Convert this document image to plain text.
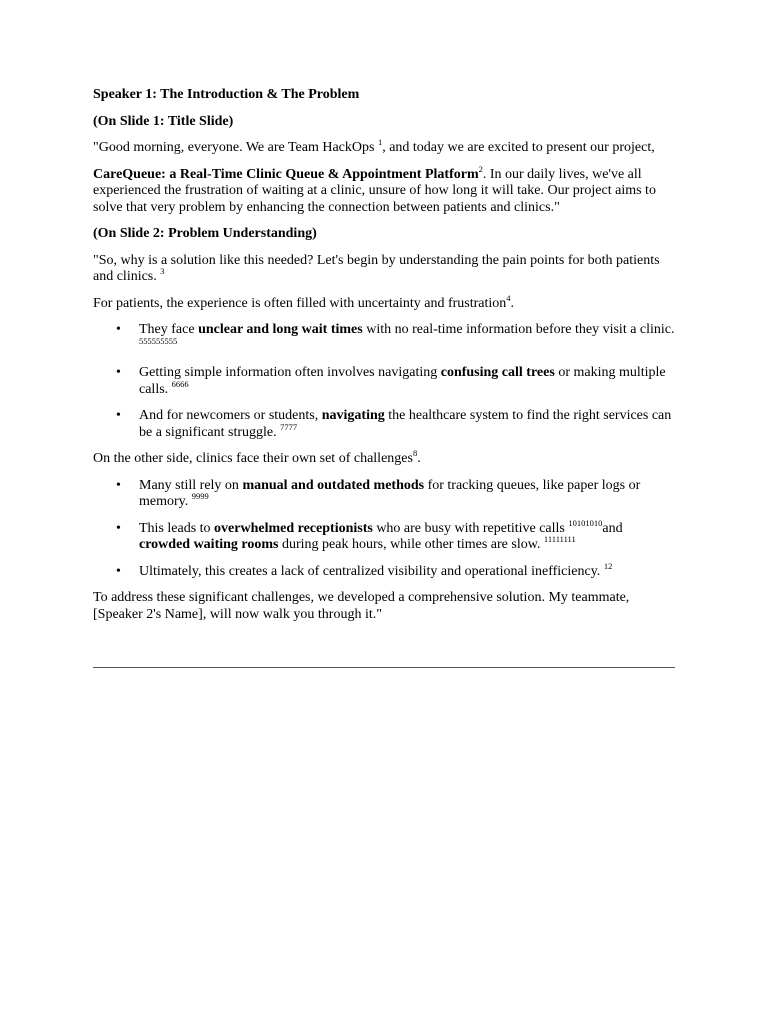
Speaker 1: The Introduction & The Problem

(On Slide 1: Title Slide)

"Good morning, everyone. We are Team HackOps $^1$, and today we are excited to present our project,

CareQueue: a Real-Time Clinic Queue & Appointment Platform$^2$. In our daily lives, we've all experienced the frustration of waiting at a clinic, unsure of how long it will take. Our project aims to solve that very problem by enhancing the connection between patients and clinics."

(On Slide 2: Problem Understanding)

"So, why is a solution like this needed? Let's begin by understanding the pain points for both patients and clinics. $^3$

For patients, the experience is often filled with uncertainty and frustration$^4$.

• They face unclear and long wait times with no real-time information before they visit a clinic. $^{555555555}$
• Getting simple information often involves navigating confusing call trees or making multiple calls. $^{6666}$
• And for newcomers or students, navigating the healthcare system to find the right services can be a significant struggle. $^{7777}$

On the other side, clinics face their own set of challenges$^8$.

• Many still rely on manual and outdated methods for tracking queues, like paper logs or memory. $^{9999}$
• This leads to overwhelmed receptionists who are busy with repetitive calls $^{10101010}$and crowded waiting rooms during peak hours, while other times are slow. $^{11111111}$
• Ultimately, this creates a lack of centralized visibility and operational inefficiency. $^{12}$

To address these significant challenges, we developed a comprehensive solution. My teammate, [Speaker 2's Name], will now walk you through it."
